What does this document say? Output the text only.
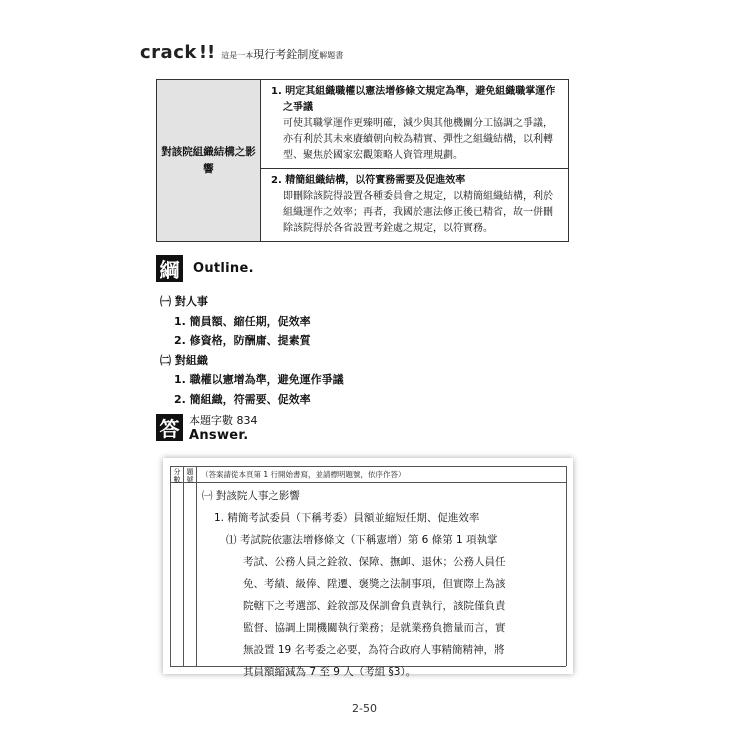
crack !! 這是一本 現行考銓制度 解題書
對該院組織結構之影響	
1. 明定其組織職權以憲法增修條文規定為準，避免組織職掌運作
之爭議
可使其職掌運作更臻明確，減少與其他機關分工協調之爭議，
亦有利於其未來賡續朝向較為精實、彈性之組織結構，以利轉
型、聚焦於國家宏觀策略人資管理規劃。

2. 精簡組織結構，以符實務需要及促進效率
即刪除該院得設置各種委員會之規定，以精簡組織結構，利於
組織運作之效率；再者，我國於憲法修正後已精省，故一併刪
除該院得於各省設置考銓處之規定，以符實務。
綱 Outline.
㈠ 對人事
1. 簡員額、縮任期，促效率
2. 修資格，防酬庸、提素質
㈡ 對組織
1. 職權以憲增為準，避免運作爭議
2. 簡組織，符需要、促效率
答 本題字數 834
Answer.
分數
題號
（答案請從本頁第 1 行開始書寫，並請標明題號，依序作答）
㈠ 對該院人事之影響
1. 精簡考試委員（下稱考委）員額並縮短任期、促進效率
⑴ 考試院依憲法增修條文（下稱憲增）第 6 條第 1 項執掌
考試、公務人員之銓敘、保障、撫卹、退休；公務人員任
免、考績、級俸、陞遷、褒獎之法制事項，但實際上為該
院轄下之考選部、銓敘部及保訓會負責執行，該院僅負責
監督、協調上開機關執行業務；是就業務負擔量而言，實
無設置 19 名考委之必要，為符合政府人事精簡精神，將
其員額縮減為 7 至 9 人（考組 §3）。
2-50
